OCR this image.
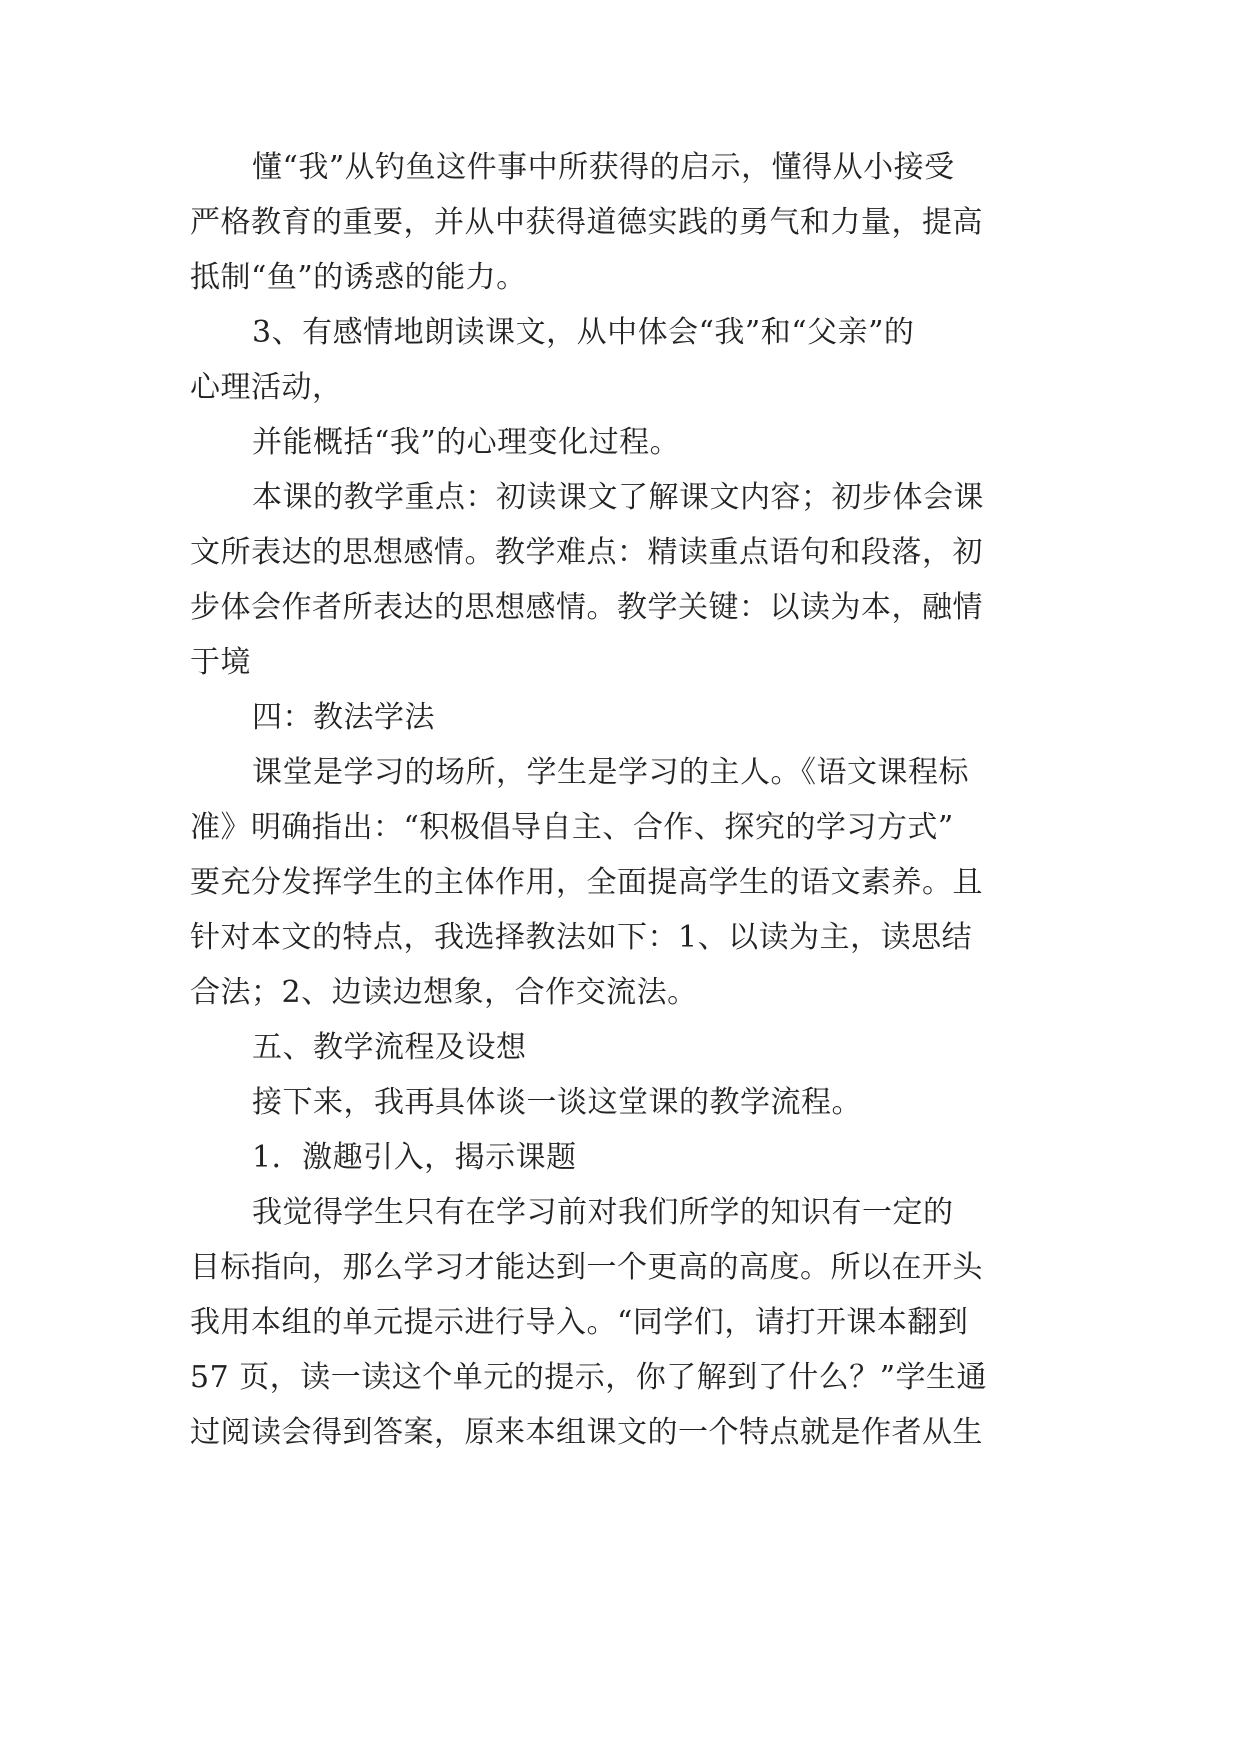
懂“我”从钓鱼这件事中所获得的启示，懂得从小接受
严格教育的重要，并从中获得道德实践的勇气和力量，提高
抵制“鱼”的诱惑的能力。
3、有感情地朗读课文，从中体会“我”和“父亲”的
心理活动，
并能概括“我”的心理变化过程。
本课的教学重点：初读课文了解课文内容；初步体会课
文所表达的思想感情。教学难点：精读重点语句和段落，初
步体会作者所表达的思想感情。教学关键：以读为本，融情
于境
四：教法学法
课堂是学习的场所，学生是学习的主人。《语文课程标
准》明确指出：“积极倡导自主、合作、探究的学习方式”
要充分发挥学生的主体作用，全面提高学生的语文素养。且
针对本文的特点，我选择教法如下：1、以读为主，读思结
合法；2、边读边想象，合作交流法。
五、教学流程及设想
接下来，我再具体谈一谈这堂课的教学流程。
1．激趣引入，揭示课题
我觉得学生只有在学习前对我们所学的知识有一定的
目标指向，那么学习才能达到一个更高的高度。所以在开头
我用本组的单元提示进行导入。“同学们，请打开课本翻到
57 页，读一读这个单元的提示，你了解到了什么？”学生通
过阅读会得到答案，原来本组课文的一个特点就是作者从生
